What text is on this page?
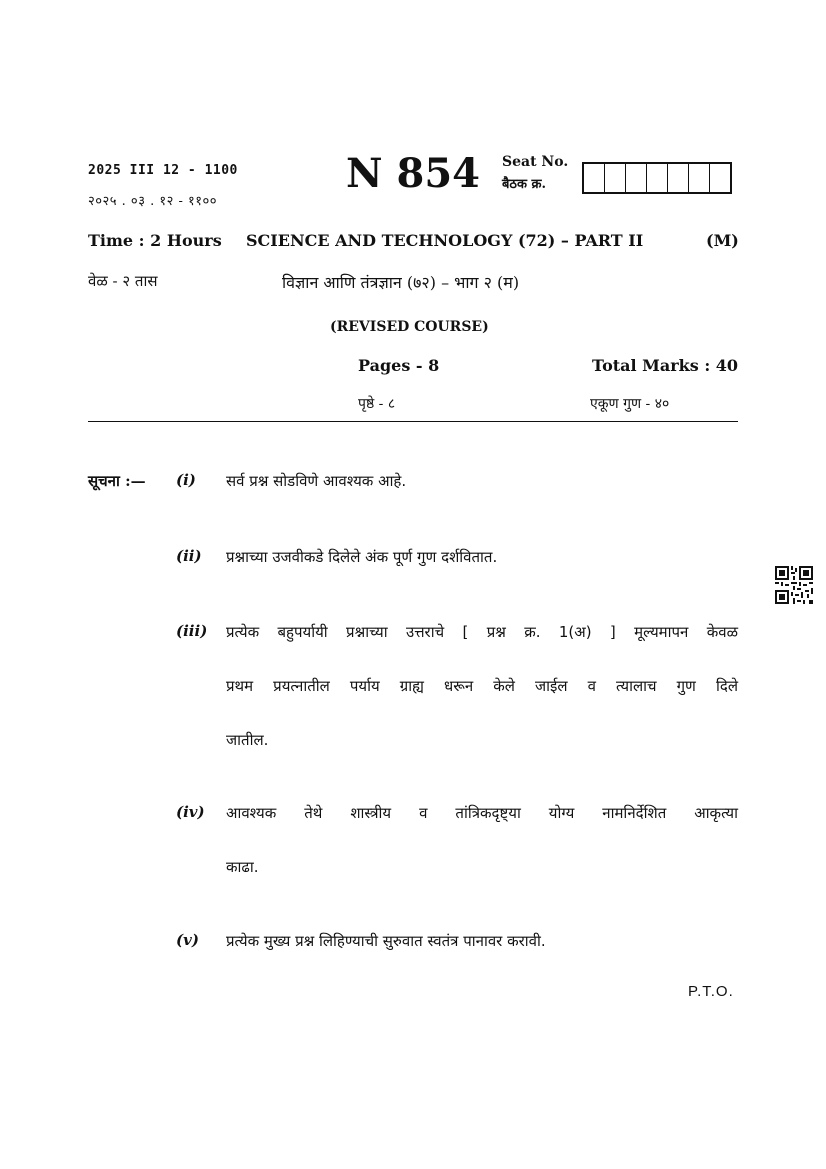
2025 III 12 - 1100
२०२५ . ०३ . १२ - ११००
N 854 Seat No.
बैठक क्र.
Time : 2 Hours SCIENCE AND TECHNOLOGY (72) – PART II	(M)
वेळ - २ तास	विज्ञान आणि तंत्रज्ञान (७२) – भाग २ (म)
(REVISED COURSE)
Pages - 8	Total Marks : 40
पृष्ठे - ८	एकूण गुण - ४०
सूचना :— (i) सर्व प्रश्न सोडविणे आवश्यक आहे.
(ii) प्रश्नाच्या उजवीकडे दिलेले अंक पूर्ण गुण दर्शवितात.
(iii) प्रत्येक बहुपर्यायी प्रश्नाच्या उत्तराचे [ प्रश्न क्र. 1(अ) ] मूल्यमापन केवळ
प्रथम प्रयत्नातील पर्याय ग्राह्य धरून केले जाईल व त्यालाच गुण दिले
जातील.
(iv) आवश्यक तेथे शास्त्रीय व तांत्रिकदृष्ट्या योग्य नामनिर्देशित आकृत्या
काढा.
(v) प्रत्येक मुख्य प्रश्न लिहिण्याची सुरुवात स्वतंत्र पानावर करावी.
P.T.O.
